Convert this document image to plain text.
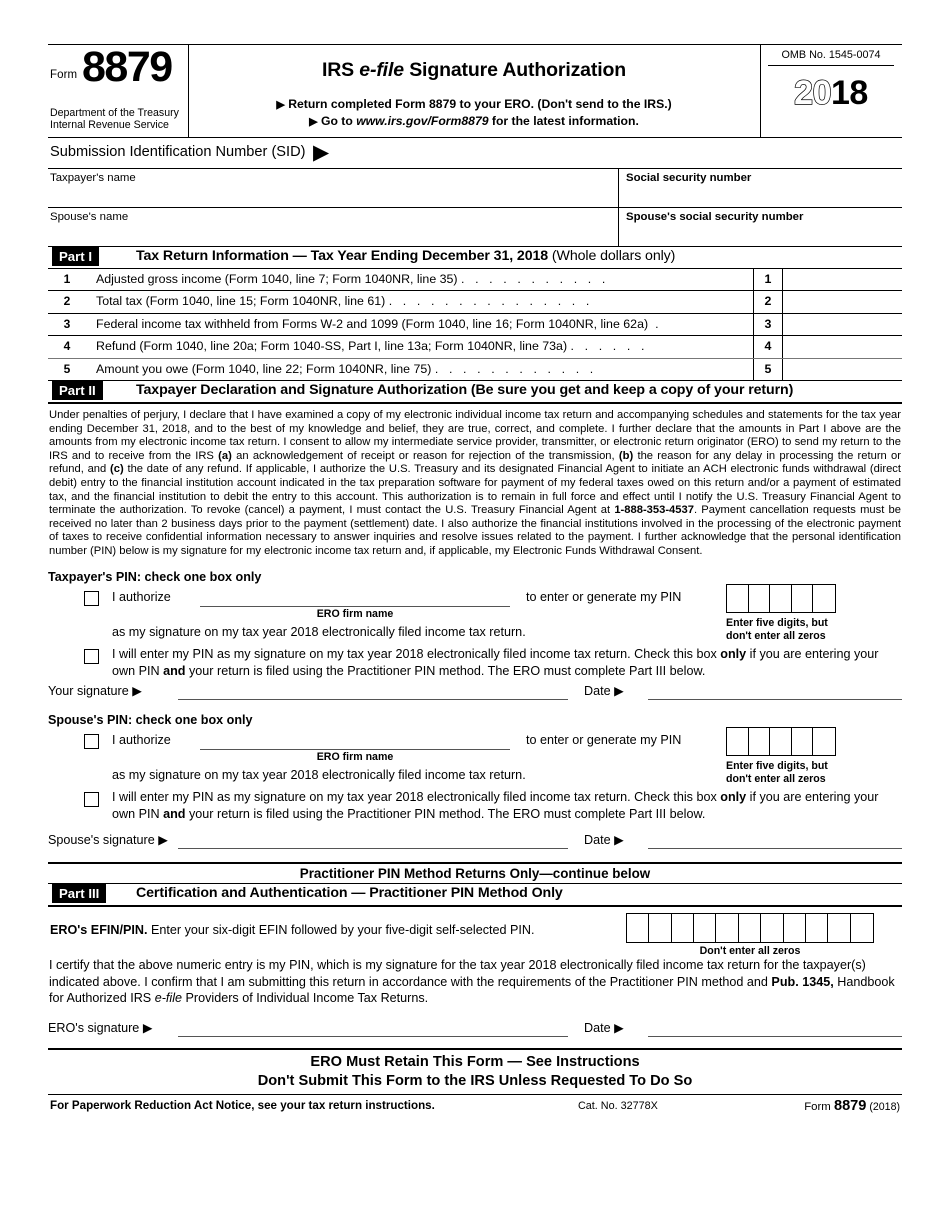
Form 8879
Department of the Treasury
Internal Revenue Service
IRS e-file Signature Authorization
▶ Return completed Form 8879 to your ERO. (Don't send to the IRS.)
▶ Go to www.irs.gov/Form8879 for the latest information.
OMB No. 1545-0074
2018
Submission Identification Number (SID) ▶
Taxpayer's name	Social security number
Spouse's name	Spouse's social security number
Part I	Tax Return Information — Tax Year Ending December 31, 2018 (Whole dollars only)
1 Adjusted gross income (Form 1040, line 7; Form 1040NR, line 35) . . . . . . . . . . .	1
2 Total tax (Form 1040, line 15; Form 1040NR, line 61) . . . . . . . . . . . . . . .	2
3 Federal income tax withheld from Forms W-2 and 1099 (Form 1040, line 16; Form 1040NR, line 62a) .	3
4 Refund (Form 1040, line 20a; Form 1040-SS, Part I, line 13a; Form 1040NR, line 73a) . . . . . .	4
5 Amount you owe (Form 1040, line 22; Form 1040NR, line 75) . . . . . . . . . . . .	5
Part II	Taxpayer Declaration and Signature Authorization (Be sure you get and keep a copy of your return)
Under penalties of perjury, I declare that I have examined a copy of my electronic individual income tax return and accompanying schedules and statements for the tax year ending December 31, 2018, and to the best of my knowledge and belief, they are true, correct, and complete. I further declare that the amounts in Part I above are the amounts from my electronic income tax return. I consent to allow my intermediate service provider, transmitter, or electronic return originator (ERO) to send my return to the IRS and to receive from the IRS (a) an acknowledgement of receipt or reason for rejection of the transmission, (b) the reason for any delay in processing the return or refund, and (c) the date of any refund. If applicable, I authorize the U.S. Treasury and its designated Financial Agent to initiate an ACH electronic funds withdrawal (direct debit) entry to the financial institution account indicated in the tax preparation software for payment of my federal taxes owed on this return and/or a payment of estimated tax, and the financial institution to debit the entry to this account. This authorization is to remain in full force and effect until I notify the U.S. Treasury Financial Agent to terminate the authorization. To revoke (cancel) a payment, I must contact the U.S. Treasury Financial Agent at 1-888-353-4537. Payment cancellation requests must be received no later than 2 business days prior to the payment (settlement) date. I also authorize the financial institutions involved in the processing of the electronic payment of taxes to receive confidential information necessary to answer inquiries and resolve issues related to the payment. I further acknowledge that the personal identification number (PIN) below is my signature for my electronic income tax return and, if applicable, my Electronic Funds Withdrawal Consent.
Taxpayer's PIN: check one box only
I authorize
ERO firm name
to enter or generate my PIN
Enter five digits, but
don't enter all zeros
as my signature on my tax year 2018 electronically filed income tax return.
I will enter my PIN as my signature on my tax year 2018 electronically filed income tax return. Check this box only if you are entering your own PIN and your return is filed using the Practitioner PIN method. The ERO must complete Part III below.
Your signature ▶	Date ▶
Spouse's PIN: check one box only
I authorize
ERO firm name
to enter or generate my PIN
Enter five digits, but
don't enter all zeros
as my signature on my tax year 2018 electronically filed income tax return.
I will enter my PIN as my signature on my tax year 2018 electronically filed income tax return. Check this box only if you are entering your own PIN and your return is filed using the Practitioner PIN method. The ERO must complete Part III below.
Spouse's signature ▶	Date ▶
Practitioner PIN Method Returns Only—continue below
Part III	Certification and Authentication — Practitioner PIN Method Only
ERO's EFIN/PIN. Enter your six-digit EFIN followed by your five-digit self-selected PIN.
Don't enter all zeros
I certify that the above numeric entry is my PIN, which is my signature for the tax year 2018 electronically filed income tax return for the taxpayer(s) indicated above. I confirm that I am submitting this return in accordance with the requirements of the Practitioner PIN method and Pub. 1345, Handbook for Authorized IRS e-file Providers of Individual Income Tax Returns.
ERO's signature ▶	Date ▶
ERO Must Retain This Form — See Instructions
Don't Submit This Form to the IRS Unless Requested To Do So
For Paperwork Reduction Act Notice, see your tax return instructions.	Cat. No. 32778X	Form 8879 (2018)
